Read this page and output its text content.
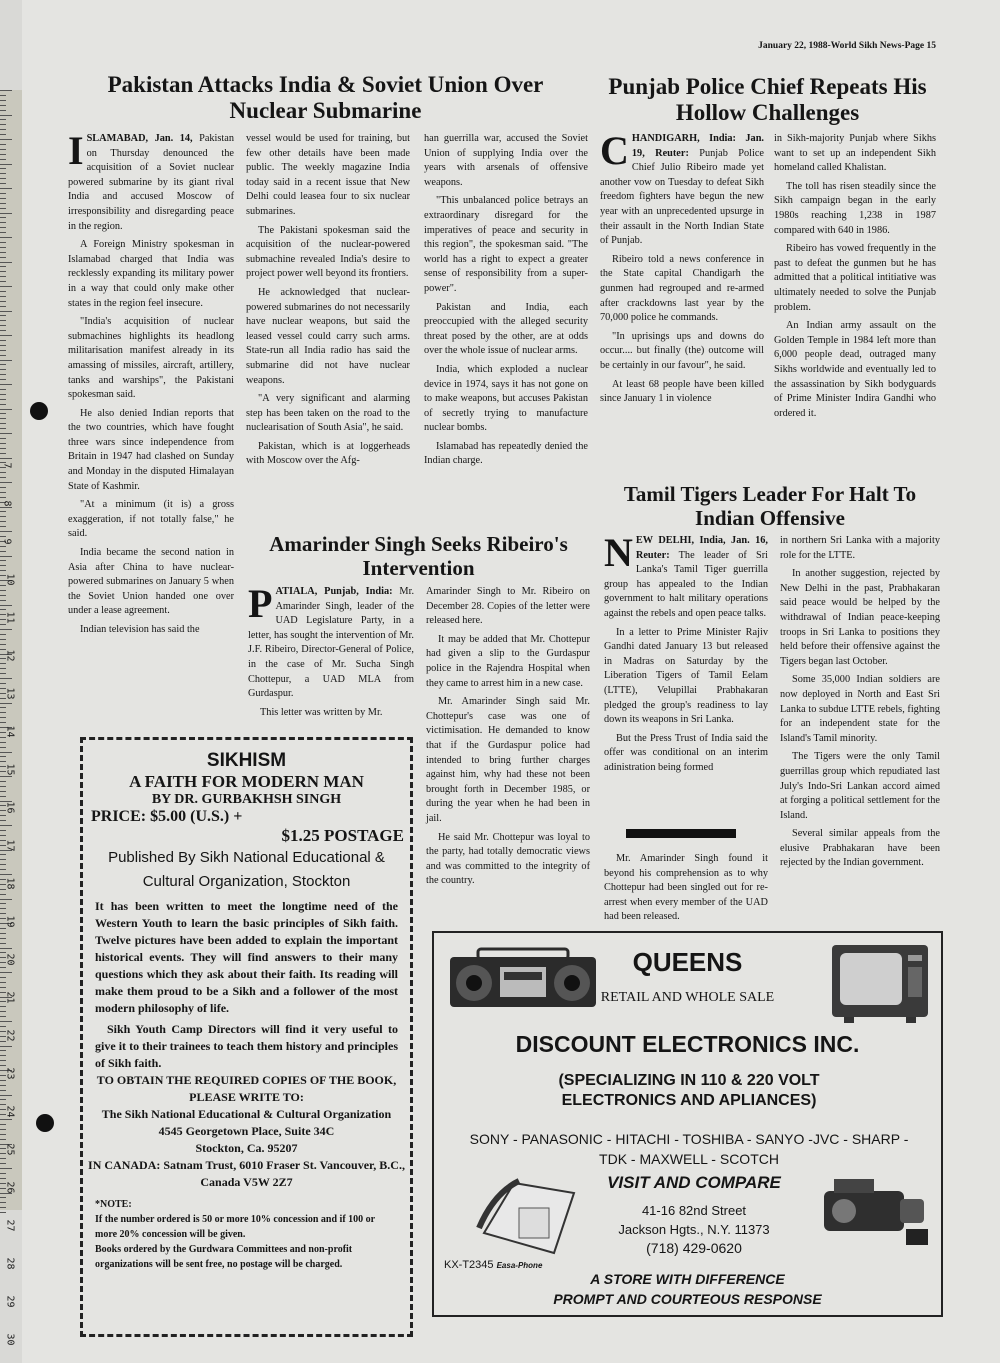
7
8
9
10
11
12
13
14
15
16
17
18
19
20
21
22
23
24
25
26
27
28
29
30
January 22, 1988-World Sikh News-Page 15
Pakistan Attacks India & Soviet Union Over Nuclear Submarine

ISLAMABAD, Jan. 14, Pakistan on Thursday denounced the acquisition of a Soviet nuclear powered submarine by its giant rival India and accused Moscow of irresponsibility and disregarding peace in the region.

A Foreign Ministry spokesman in Islamabad charged that India was recklessly expanding its military power in a way that could only make other states in the region feel insecure.

"India's acquisition of nuclear submachines highlights its headlong militarisation manifest already in its amassing of missiles, aircraft, artillery, tanks and warships", the Pakistani spokesman said.

He also denied Indian reports that the two countries, which have fought three wars since independence from Britain in 1947 had clashed on Sunday and Monday in the disputed Himalayan State of Kashmir.

"At a minimum (it is) a gross exaggeration, if not totally false," he said.

India became the second nation in Asia after China to have nuclear-powered submarines on January 5 when the Soviet Union handed one over under a lease agreement.

Indian television has said the

vessel would be used for training, but few other details have been made public. The weekly magazine India today said in a recent issue that New Delhi could leasea four to six nuclear submarines.

The Pakistani spokesman said the acquisition of the nuclear-powered submachine revealed India's desire to project power well beyond its frontiers.

He acknowledged that nuclear-powered submarines do not necessarily have nuclear weapons, but said the leased vessel could carry such arms. State-run all India radio has said the submarine did not have nuclear weapons.

"A very significant and alarming step has been taken on the road to the nuclearisation of South Asia", he said.

Pakistan, which is at loggerheads with Moscow over the Afg-

han guerrilla war, accused the Soviet Union of supplying India over the years with arsenals of offensive weapons.

"This unbalanced police betrays an extraordinary disregard for the imperatives of peace and security in this region", the spokesman said. "The world has a right to expect a greater sense of responsibility from a super-power".

Pakistan and India, each preoccupied with the alleged security threat posed by the other, are at odds over the whole issue of nuclear arms.

India, which exploded a nuclear device in 1974, says it has not gone on to make weapons, but accuses Pakistan of secretly trying to manufacture nuclear bombs.

Islamabad has repeatedly denied the Indian charge.

Punjab Police Chief Repeats His Hollow Challenges

CHANDIGARH, India: Jan. 19, Reuter: Punjab Police Chief Julio Ribeiro made yet another vow on Tuesday to defeat Sikh freedom fighters have begun the new year with an unprecedented upsurge in their assault in the North Indian State of Punjab.

Ribeiro told a news conference in the State capital Chandigarh the gunmen had regrouped and re-armed after crackdowns last year by the 70,000 police he commands.

"In uprisings ups and downs do occur.... but finally (the) outcome will be certainly in our favour", he said.

At least 68 people have been killed since January 1 in violence

in Sikh-majority Punjab where Sikhs want to set up an independent Sikh homeland called Khalistan.

The toll has risen steadily since the Sikh campaign began in the early 1980s reaching 1,238 in 1987 compared with 640 in 1986.

Ribeiro has vowed frequently in the past to defeat the gunmen but he has admitted that a political intitiative was ultimately needed to solve the Punjab problem.

An Indian army assault on the Golden Temple in 1984 left more than 6,000 people dead, outraged many Sikhs worldwide and eventually led to the assassination by Sikh bodyguards of Prime Minister Indira Gandhi who ordered it.

Amarinder Singh Seeks Ribeiro's Intervention

PATIALA, Punjab, India: Mr. Amarinder Singh, leader of the UAD Legislature Party, in a letter, has sought the intervention of Mr. J.F. Ribeiro, Director-General of Police, in the case of Mr. Sucha Singh Chottepur, a UAD MLA from Gurdaspur.

This letter was written by Mr.

Amarinder Singh to Mr. Ribeiro on December 28. Copies of the letter were released here.

It may be added that Mr. Chottepur had given a slip to the Gurdaspur police in the Rajendra Hospital when they came to arrest him in a new case.

Mr. Amarinder Singh said Mr. Chottepur's case was one of victimisation. He demanded to know that if the Gurdaspur police had intended to bring further charges against him, why had these not been brought forth in December 1985, or during the year when he had been in jail.

He said Mr. Chottepur was loyal to the party, had totally democratic views and was committed to the integrity of the country.

Mr. Amarinder Singh found it beyond his comprehension as to why Chottepur had been singled out for re-arrest when every member of the UAD had been released.

Tamil Tigers Leader For Halt To Indian Offensive

NEW DELHI, India, Jan. 16, Reuter: The leader of Sri Lanka's Tamil Tiger guerrilla group has appealed to the Indian government to halt military operations against the rebels and open peace talks.

In a letter to Prime Minister Rajiv Gandhi dated January 13 but released in Madras on Saturday by the Liberation Tigers of Tamil Eelam (LTTE), Velupillai Prabhakaran pledged the group's readiness to lay down its weapons in Sri Lanka.

But the Press Trust of India said the offer was conditional on an interim adinistration being formed

in northern Sri Lanka with a majority role for the LTTE.

In another suggestion, rejected by New Delhi in the past, Prabhakaran said peace would be helped by the withdrawal of Indian peace-keeping troops in Sri Lanka to positions they held before their offensive against the Tigers began last October.

Some 35,000 Indian soldiers are now deployed in North and East Sri Lanka to subdue LTTE rebels, fighting for an independent state for the Island's Tamil minority.

The Tigers were the only Tamil guerrillas group which repudiated last July's Indo-Sri Lankan accord aimed at forging a political settlement for the Island.

Several similar appeals from the elusive Prabhakaran have been rejected by the Indian government.

SIKHISM
A FAITH FOR MODERN MAN
BY DR. GURBAKHSH SINGH
PRICE: $5.00 (U.S.) +
$1.25 POSTAGE
Published By Sikh National Educational & Cultural Organization, Stockton
It has been written to meet the longtime need of the Western Youth to learn the basic principles of Sikh faith. Twelve pictures have been added to explain the important historical events. They will find answers to their many questions which they ask about their faith. Its reading will make them proud to be a Sikh and a follower of the most modern philosophy of life.
Sikh Youth Camp Directors will find it very useful to give it to their trainees to teach them history and principles of Sikh faith.
TO OBTAIN THE REQUIRED COPIES OF THE BOOK, PLEASE WRITE TO:
The Sikh National Educational & Cultural Organization
4545 Georgetown Place, Suite 34C
Stockton, Ca. 95207
IN CANADA: Satnam Trust, 6010 Fraser St. Vancouver, B.C., Canada V5W 2Z7
*NOTE:
If the number ordered is 50 or more 10% concession and if 100 or more 20% concession will be given.
Books ordered by the Gurdwara Committees and non-profit organizations will be sent free, no postage will be charged.
QUEENS
RETAIL AND WHOLE SALE
DISCOUNT ELECTRONICS INC.
(SPECIALIZING IN 110 & 220 VOLT ELECTRONICS AND APLIANCES)
SONY - PANASONIC - HITACHI - TOSHIBA - SANYO -JVC - SHARP - TDK - MAXWELL - SCOTCH
VISIT AND COMPARE
41-16 82nd Street
Jackson Hgts., N.Y. 11373
(718) 429-0620
KX-T2345 Easa-Phone
A STORE WITH DIFFERENCE
PROMPT AND COURTEOUS RESPONSE
